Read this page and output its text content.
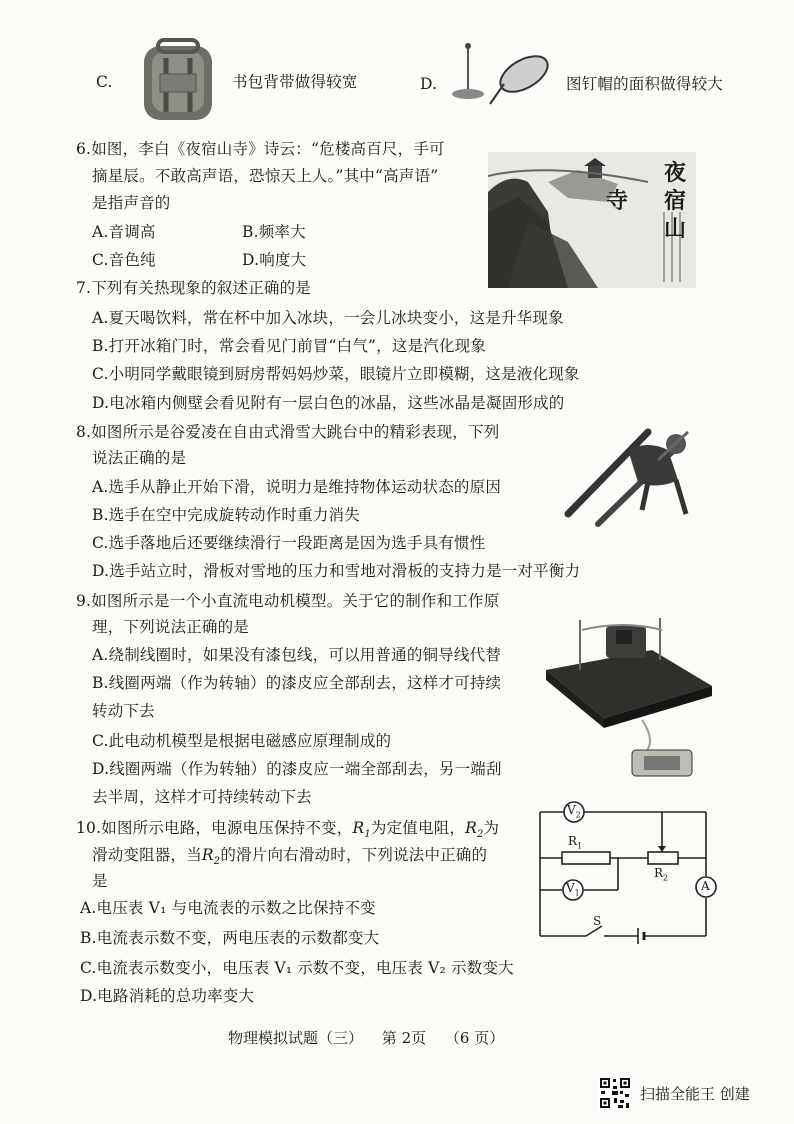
C.	书包背带做得较宽	D.	图钉帽的面积做得较大
6.如图，李白《夜宿山寺》诗云：“危楼高百尺，手可
摘星辰。不敢高声语，恐惊天上人。”其中“高声语”
是指声音的
A.音调高	B.频率大
C.音色纯	D.响度大
夜
宿
山
寺
7.下列有关热现象的叙述正确的是
A.夏天喝饮料，常在杯中加入冰块，一会儿冰块变小，这是升华现象
B.打开冰箱门时，常会看见门前冒“白气”，这是汽化现象
C.小明同学戴眼镜到厨房帮妈妈炒菜，眼镜片立即模糊，这是液化现象
D.电冰箱内侧壁会看见附有一层白色的冰晶，这些冰晶是凝固形成的
8.如图所示是谷爱凌在自由式滑雪大跳台中的精彩表现，下列
说法正确的是
A.选手从静止开始下滑，说明力是维持物体运动状态的原因
B.选手在空中完成旋转动作时重力消失
C.选手落地后还要继续滑行一段距离是因为选手具有惯性
D.选手站立时，滑板对雪地的压力和雪地对滑板的支持力是一对平衡力
9.如图所示是一个小直流电动机模型。关于它的制作和工作原
理，下列说法正确的是
A.绕制线圈时，如果没有漆包线，可以用普通的铜导线代替
B.线圈两端（作为转轴）的漆皮应全部刮去，这样才可持续
转动下去
C.此电动机模型是根据电磁感应原理制成的
D.线圈两端（作为转轴）的漆皮应一端全部刮去，另一端刮
去半周，这样才可持续转动下去
10.如图所示电路，电源电压保持不变，$R_1$为定值电阻，$R_2$为
滑动变阻器，当$R_2$的滑片向右滑动时，下列说法中正确的
是
A.电压表 V₁ 与电流表的示数之比保持不变
B.电流表示数不变，两电压表的示数都变大
C.电流表示数变小，电压表 V₁ 示数不变，电压表 V₂ 示数变大
D.电路消耗的总功率变大
$V_2$
$V_1$
$R_1$
$R_2$
A
S
物理模拟试题（三） 第 2页 （6 页）
扫描全能王 创建
